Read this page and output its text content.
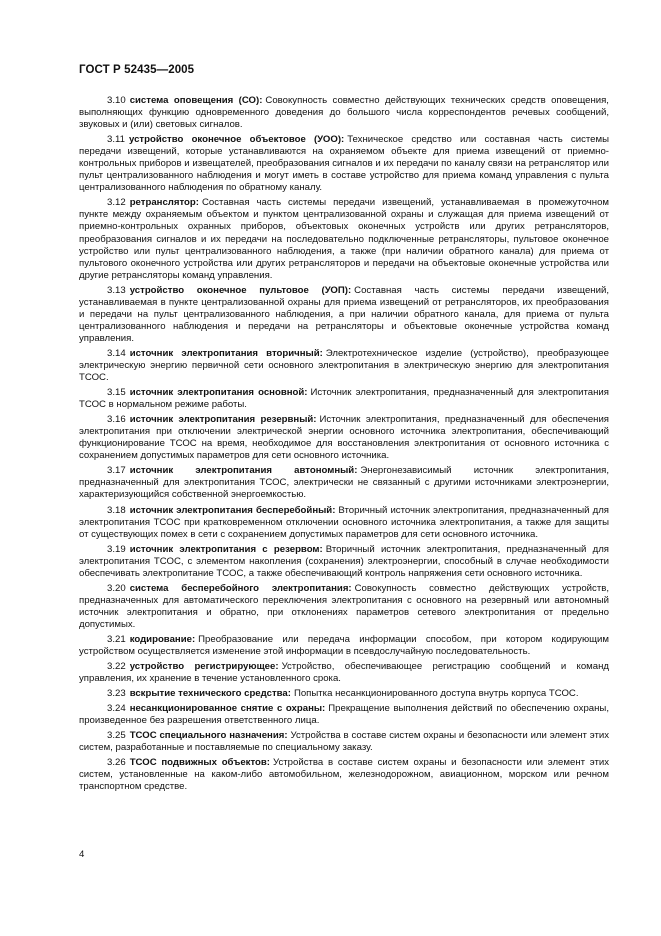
ГОСТ Р 52435—2005

3.10 система оповещения (СО): Совокупность совместно действующих технических средств оповещения, выполняющих функцию одновременного доведения до большого числа корреспондентов речевых сообщений, звуковых и (или) световых сигналов.

3.11 устройство оконечное объектовое (УОО): Техническое средство или составная часть системы передачи извещений, которые устанавливаются на охраняемом объекте для приема извещений от приемно-контрольных приборов и извещателей, преобразования сигналов и их передачи по каналу связи на ретранслятор или пульт централизованного наблюдения и могут иметь в составе устройство для приема команд управления с пульта централизованного наблюдения по обратному каналу.

3.12 ретранслятор: Составная часть системы передачи извещений, устанавливаемая в промежуточном пункте между охраняемым объектом и пунктом централизованной охраны и служащая для приема извещений от приемно-контрольных охранных приборов, объектовых оконечных устройств или других ретрансляторов, преобразования сигналов и их передачи на последовательно подключенные ретрансляторы, пультовое оконечное устройство или пульт централизованного наблюдения, а также (при наличии обратного канала) для приема от пультового оконечного устройства или других ретрансляторов и передачи на объектовые оконечные устройства или другие ретрансляторы команд управления.

3.13 устройство оконечное пультовое (УОП): Составная часть системы передачи извещений, устанавливаемая в пункте централизованной охраны для приема извещений от ретрансляторов, их преобразования и передачи на пульт централизованного наблюдения, а при наличии обратного канала, для приема от пульта централизованного наблюдения и передачи на ретрансляторы и объектовые оконечные устройства команд управления.

3.14 источник электропитания вторичный: Электротехническое изделие (устройство), преобразующее электрическую энергию первичной сети основного электропитания в электрическую энергию для электропитания ТСОС.

3.15 источник электропитания основной: Источник электропитания, предназначенный для электропитания ТСОС в нормальном режиме работы.

3.16 источник электропитания резервный: Источник электропитания, предназначенный для обеспечения электропитания при отключении электрической энергии основного источника электропитания, обеспечивающий функционирование ТСОС на время, необходимое для восстановления электропитания от основного источника с сохранением допустимых параметров для сети основного источника.

3.17 источник электропитания автономный: Энергонезависимый источник электропитания, предназначенный для электропитания ТСОС, электрически не связанный с другими источниками электроэнергии, характеризующийся собственной энергоемкостью.

3.18 источник электропитания бесперебойный: Вторичный источник электропитания, предназначенный для электропитания ТСОС при кратковременном отключении основного источника электропитания, а также для защиты от существующих помех в сети с сохранением допустимых параметров для сети основного источника.

3.19 источник электропитания с резервом: Вторичный источник электропитания, предназначенный для электропитания ТСОС, с элементом накопления (сохранения) электроэнергии, способный в случае необходимости обеспечивать электропитание ТСОС, а также обеспечивающий контроль напряжения сети основного источника.

3.20 система бесперебойного электропитания: Совокупность совместно действующих устройств, предназначенных для автоматического переключения электропитания с основного на резервный или автономный источник электропитания и обратно, при отклонениях параметров сетевого электропитания от предельно допустимых.

3.21 кодирование: Преобразование или передача информации способом, при котором кодирующим устройством осуществляется изменение этой информации в псевдослучайную последовательность.

3.22 устройство регистрирующее: Устройство, обеспечивающее регистрацию сообщений и команд управления, их хранение в течение установленного срока.

3.23 вскрытие технического средства: Попытка несанкционированного доступа внутрь корпуса ТСОС.

3.24 несанкционированное снятие с охраны: Прекращение выполнения действий по обеспечению охраны, произведенное без разрешения ответственного лица.

3.25 ТСОС специального назначения: Устройства в составе систем охраны и безопасности или элемент этих систем, разработанные и поставляемые по специальному заказу.

3.26 ТСОС подвижных объектов: Устройства в составе систем охраны и безопасности или элемент этих систем, установленные на каком-либо автомобильном, железнодорожном, авиационном, морском или речном транспортном средстве.

4
